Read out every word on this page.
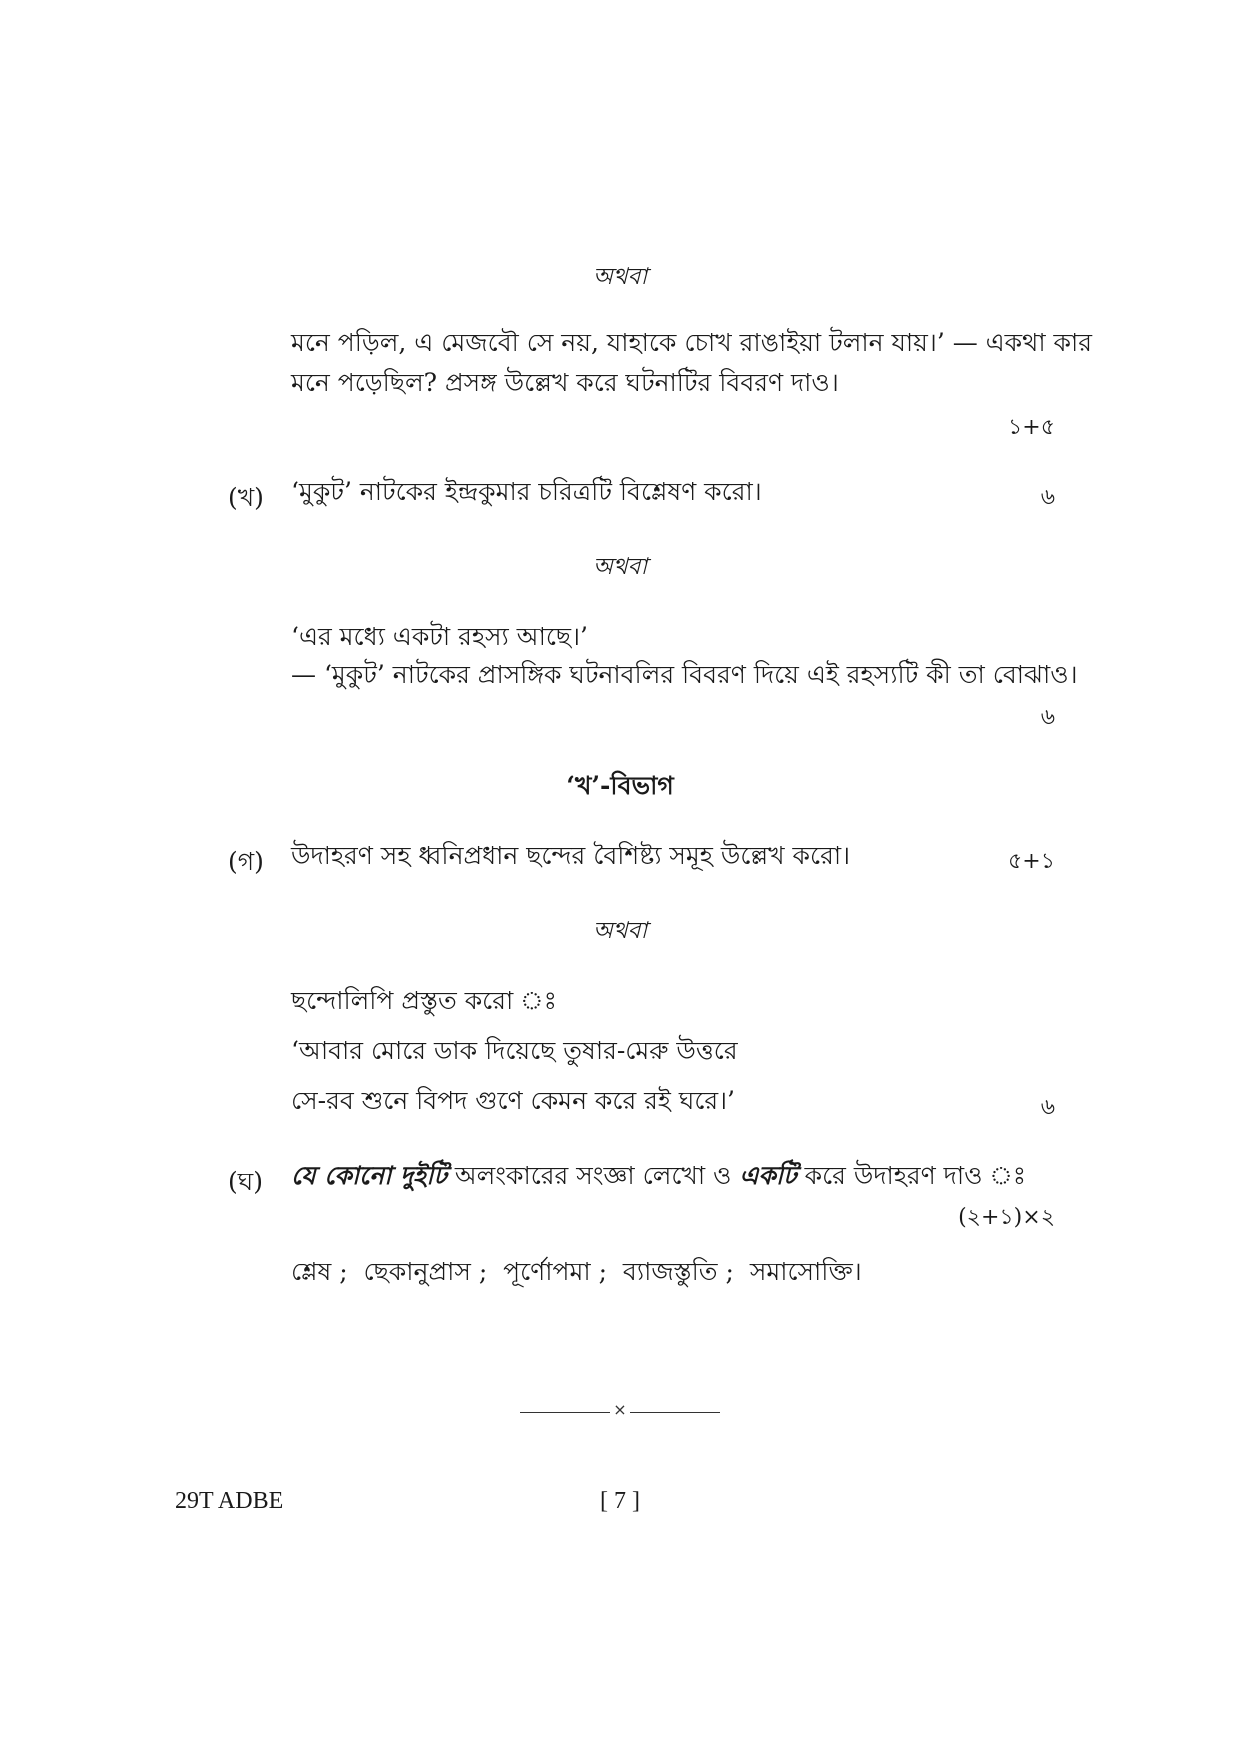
অথবা
মনে পড়িল, এ মেজবৌ সে নয়, যাহাকে চোখ রাঙাইয়া টলান যায়।’ — একথা কার
মনে পড়েছিল? প্রসঙ্গ উল্লেখ করে ঘটনাটির বিবরণ দাও।
১+৫
(খ) ‘মুকুট’ নাটকের ইন্দ্রকুমার চরিত্রটি বিশ্লেষণ করো।	৬
অথবা
‘এর মধ্যে একটা রহস্য আছে।’
— ‘মুকুট’ নাটকের প্রাসঙ্গিক ঘটনাবলির বিবরণ দিয়ে এই রহস্যটি কী তা বোঝাও।
৬
‘খ’-বিভাগ
(গ) উদাহরণ সহ ধ্বনিপ্রধান ছন্দের বৈশিষ্ট্য সমূহ উল্লেখ করো।	৫+১
অথবা
ছন্দোলিপি প্রস্তুত করো ঃ
‘আবার মোরে ডাক দিয়েছে তুষার-মেরু উত্তরে
সে-রব শুনে বিপদ গুণে কেমন করে রই ঘরে।’	৬
(ঘ) যে কোনো দুইটি অলংকারের সংজ্ঞা লেখো ও একটি করে উদাহরণ দাও ঃ
(২+১)×২
শ্লেষ ;  ছেকানুপ্রাস ;  পূর্ণোপমা ;  ব্যাজস্তুতি ;  সমাসোক্তি।
×
29T ADBE	[ 7 ]
